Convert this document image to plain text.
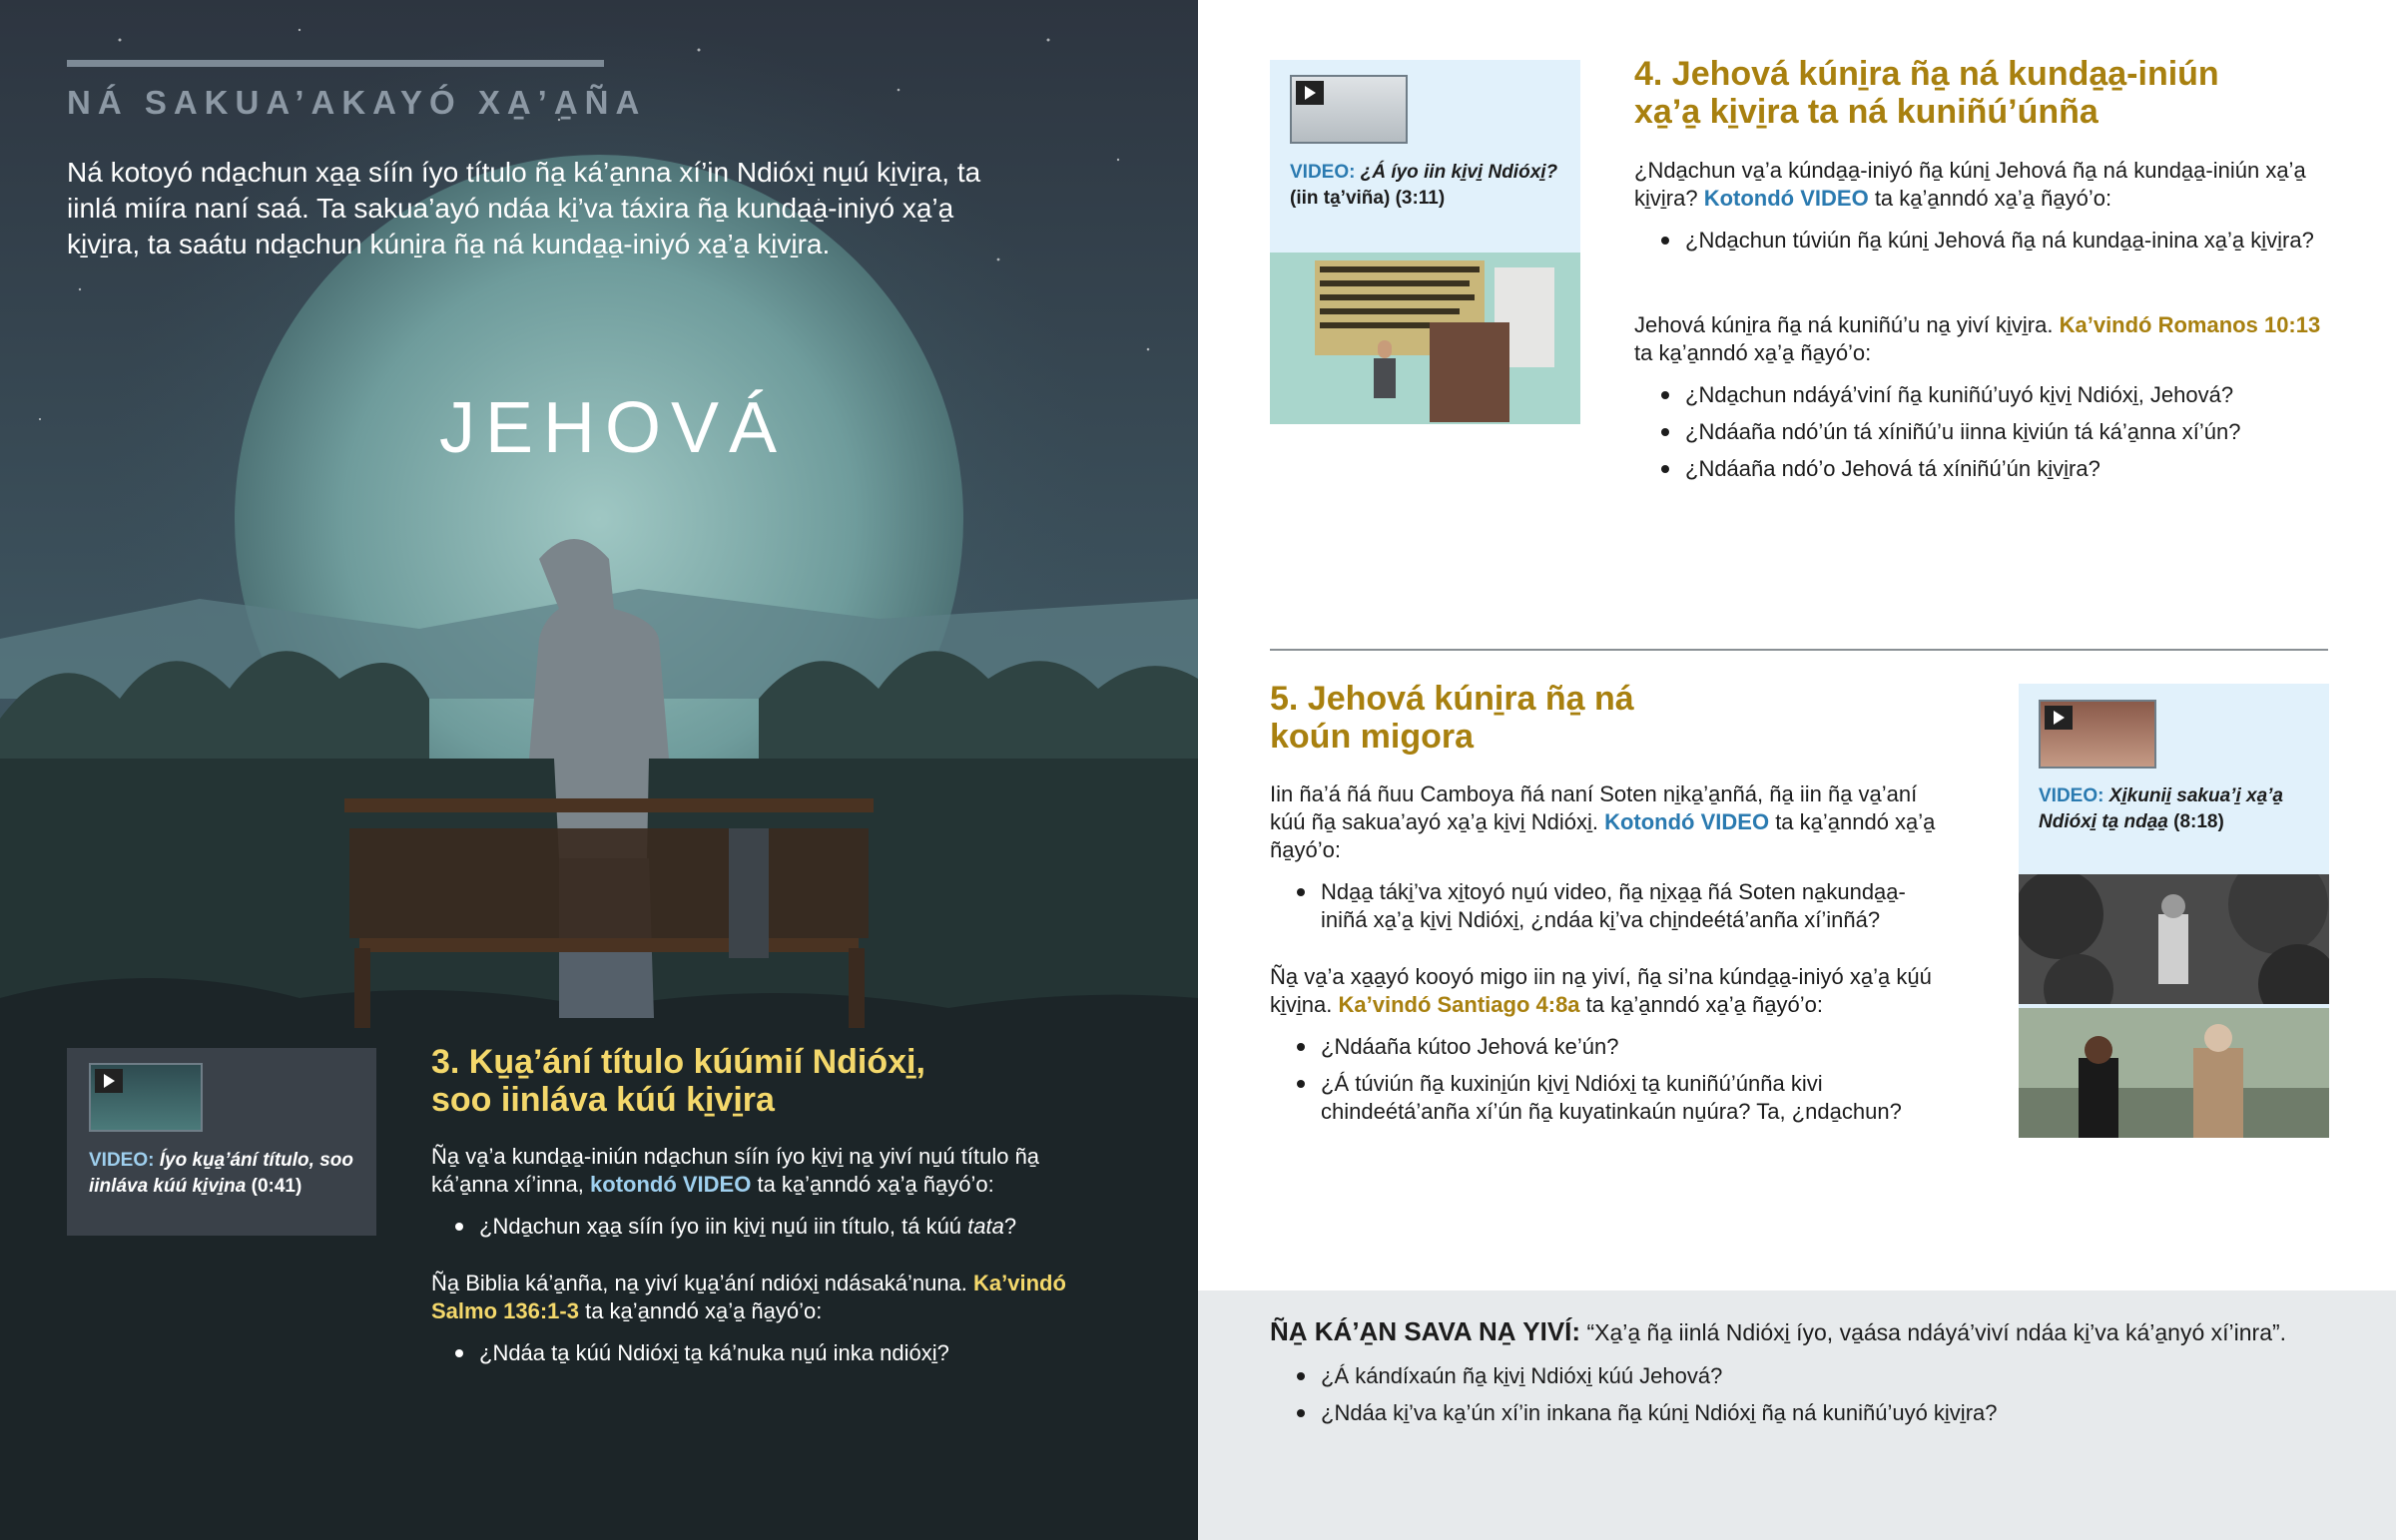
NÁ SAKUA’AKAYÓ XA̱’A̱ÑA
Ná kotoyó nda̱chun xa̱a̱ síín íyo título ña̱ ká’a̱nna xí’in Ndióxi̱ nu̱ú ki̱vi̱ra, ta iinlá miíra naní saá. Ta sakua’ayó ndáa ki̱’va táxira ña̱ kunda̱a̱-iniyó xa̱’a̱ ki̱vi̱ra, ta saátu nda̱chun kúni̱ra ña̱ ná kunda̱a̱-iniyó xa̱’a̱ ki̱vi̱ra.
JEHOVÁ
VIDEO: Íyo ku̱a̱’ání título, soo iinláva kúú ki̱vi̱na (0:41)
3. Ku̱a̱’ání título kúúmií Ndióxi̱, soo iinláva kúú ki̱vi̱ra
Ña̱ va̱’a kunda̱a̱-iniún nda̱chun síín íyo ki̱vi̱ na̱ yiví nu̱ú título ña̱ ká’a̱nna xí’inna, kotondó VIDEO ta ka̱’a̱nndó xa̱’a̱ ña̱yó’o:
¿Nda̱chun xa̱a̱ síín íyo iin ki̱vi̱ nu̱ú iin título, tá kúú tata?
Ña̱ Biblia ká’a̱nña, na̱ yiví ku̱a̱’ání ndióxi̱ ndásaká’nuna. Ka’vindó Salmo 136:1-3 ta ka̱’a̱nndó xa̱’a̱ ña̱yó’o:
¿Ndáa ta̱ kúú Ndióxi̱ ta̱ ká’nuka nu̱ú inka ndióxi̱?
VIDEO: ¿Á íyo iin ki̱vi̱ Ndióxi̱?
(iin ta̱’viña) (3:11)
4. Jehová kúni̱ra ña̱ ná kunda̱a̱-iniún xa̱’a̱ ki̱vi̱ra ta ná kuniñú’únña
¿Nda̱chun va̱’a kúnda̱a̱-iniyó ña̱ kúni̱ Jehová ña̱ ná kunda̱a̱-iniún xa̱’a̱ ki̱vi̱ra? Kotondó VIDEO ta ka̱’a̱nndó xa̱’a̱ ña̱yó’o:
¿Nda̱chun túviún ña̱ kúni̱ Jehová ña̱ ná kunda̱a̱-inina xa̱’a̱ ki̱vi̱ra?
Jehová kúni̱ra ña̱ ná kuniñú’u na̱ yiví ki̱vi̱ra. Ka’vindó Romanos 10:13 ta ka̱’a̱nndó xa̱’a̱ ña̱yó’o:
¿Nda̱chun ndáyá’viní ña̱ kuniñú’uyó ki̱vi̱ Ndióxi̱, Jehová?
¿Ndáaña ndó’ún tá xíniñú’u iinna ki̱viún tá ká’a̱nna xí’ún?
¿Ndáaña ndó’o Jehová tá xíniñú’ún ki̱vi̱ra?
5. Jehová kúni̱ra ña̱ ná koún migora
Iin ña’á ñá ñuu Camboya ñá naní Soten ni̱ka̱’a̱nñá, ña̱ iin ña̱ va̱’aní kúú ña̱ sakua’ayó xa̱’a̱ ki̱vi̱ Ndióxi̱. Kotondó VIDEO ta ka̱’a̱nndó xa̱’a̱ ña̱yó’o:
Nda̱a̱ táki̱’va xi̱toyó nu̱ú video, ña̱ ni̱xa̱a̱ ñá Soten na̱kunda̱a̱-iniñá xa̱’a̱ ki̱vi̱ Ndióxi̱, ¿ndáa ki̱’va chi̱ndeétá’anña xí’inñá?
Ña̱ va̱’a xa̱a̱yó kooyó migo iin na̱ yiví, ña̱ si’na kúnda̱a̱-iniyó xa̱’a̱ kú̱ú ki̱vi̱na. Ka’vindó Santiago 4:8a ta ka̱’a̱nndó xa̱’a̱ ña̱yó’o:
¿Ndáaña kútoo Jehová ke’ún?
¿Á túviún ña̱ kuxini̱ún ki̱vi̱ Ndióxi̱ ta̱ kuniñú’únña kivi chindeétá’anña xí’ún ña̱ kuyatinkaún nu̱úra? Ta, ¿nda̱chun?
VIDEO: Xi̱kunii̱ sakua’i̱ xa̱’a̱ Ndióxi̱ ta̱ nda̱a̱ (8:18)
ÑA̱ KÁ’A̱N SAVA NA̱ YIVÍ: “Xa̱’a̱ ña̱ iinlá Ndióxi̱ íyo, va̱ása ndáyá’viví ndáa ki̱’va ká’a̱nyó xí’inra”.
¿Á kándíxaún ña̱ ki̱vi̱ Ndióxi̱ kúú Jehová?
¿Ndáa ki̱’va ka̱’ún xí’in inkana ña̱ kúni̱ Ndióxi̱ ña̱ ná kuniñú’uyó ki̱vi̱ra?
